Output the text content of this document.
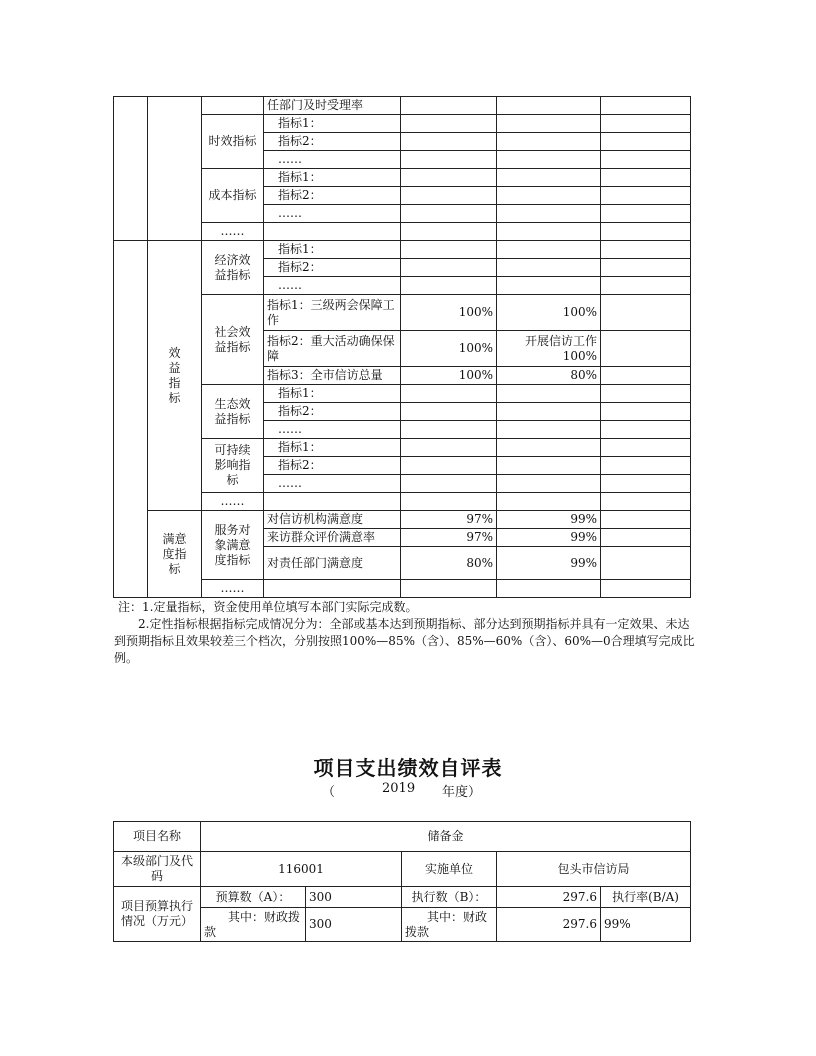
			任部门及时受理率			
		时效指标	指标1：			
			指标2：			
			……			
		成本指标	指标1：			
			指标2：			
			……			
		……				
	效益指标	经济效益指标	指标1：			
			指标2：			
			……			
		社会效益指标	指标1：三级两会保障工作	100%	100%	
			指标2：重大活动确保保障	100%	开展信访工作100%	
			指标3：全市信访总量	100%	80%	
		生态效益指标	指标1：			
			指标2：			
			……			
		可持续影响指标	指标1：			
			指标2：			
			……			
		……				
	满意度指标	服务对象满意度指标	对信访机构满意度	97%	99%	
			来访群众评价满意率	97%	99%	
			对责任部门满意度	80%	99%	
		……				

注：1.定量指标，资金使用单位填写本部门实际完成数。

2.定性指标根据指标完成情况分为：全部或基本达到预期指标、部分达到预期指标并具有一定效果、未达到预期指标且效果较差三个档次，分别按照100%—85%（含）、85%—60%（含）、60%—0合理填写完成比例。

项目支出绩效自评表
（	2019 年度）
项目名称	储备金				
本级部门及代码	116001		实施单位	包头市信访局	
项目预算执行情况（万元）	预算数（A）：	300	执行数（B）：	297.6	执行率(B/A)
	其中：财政拨款	300	其中：财政拨款	297.6	99%
